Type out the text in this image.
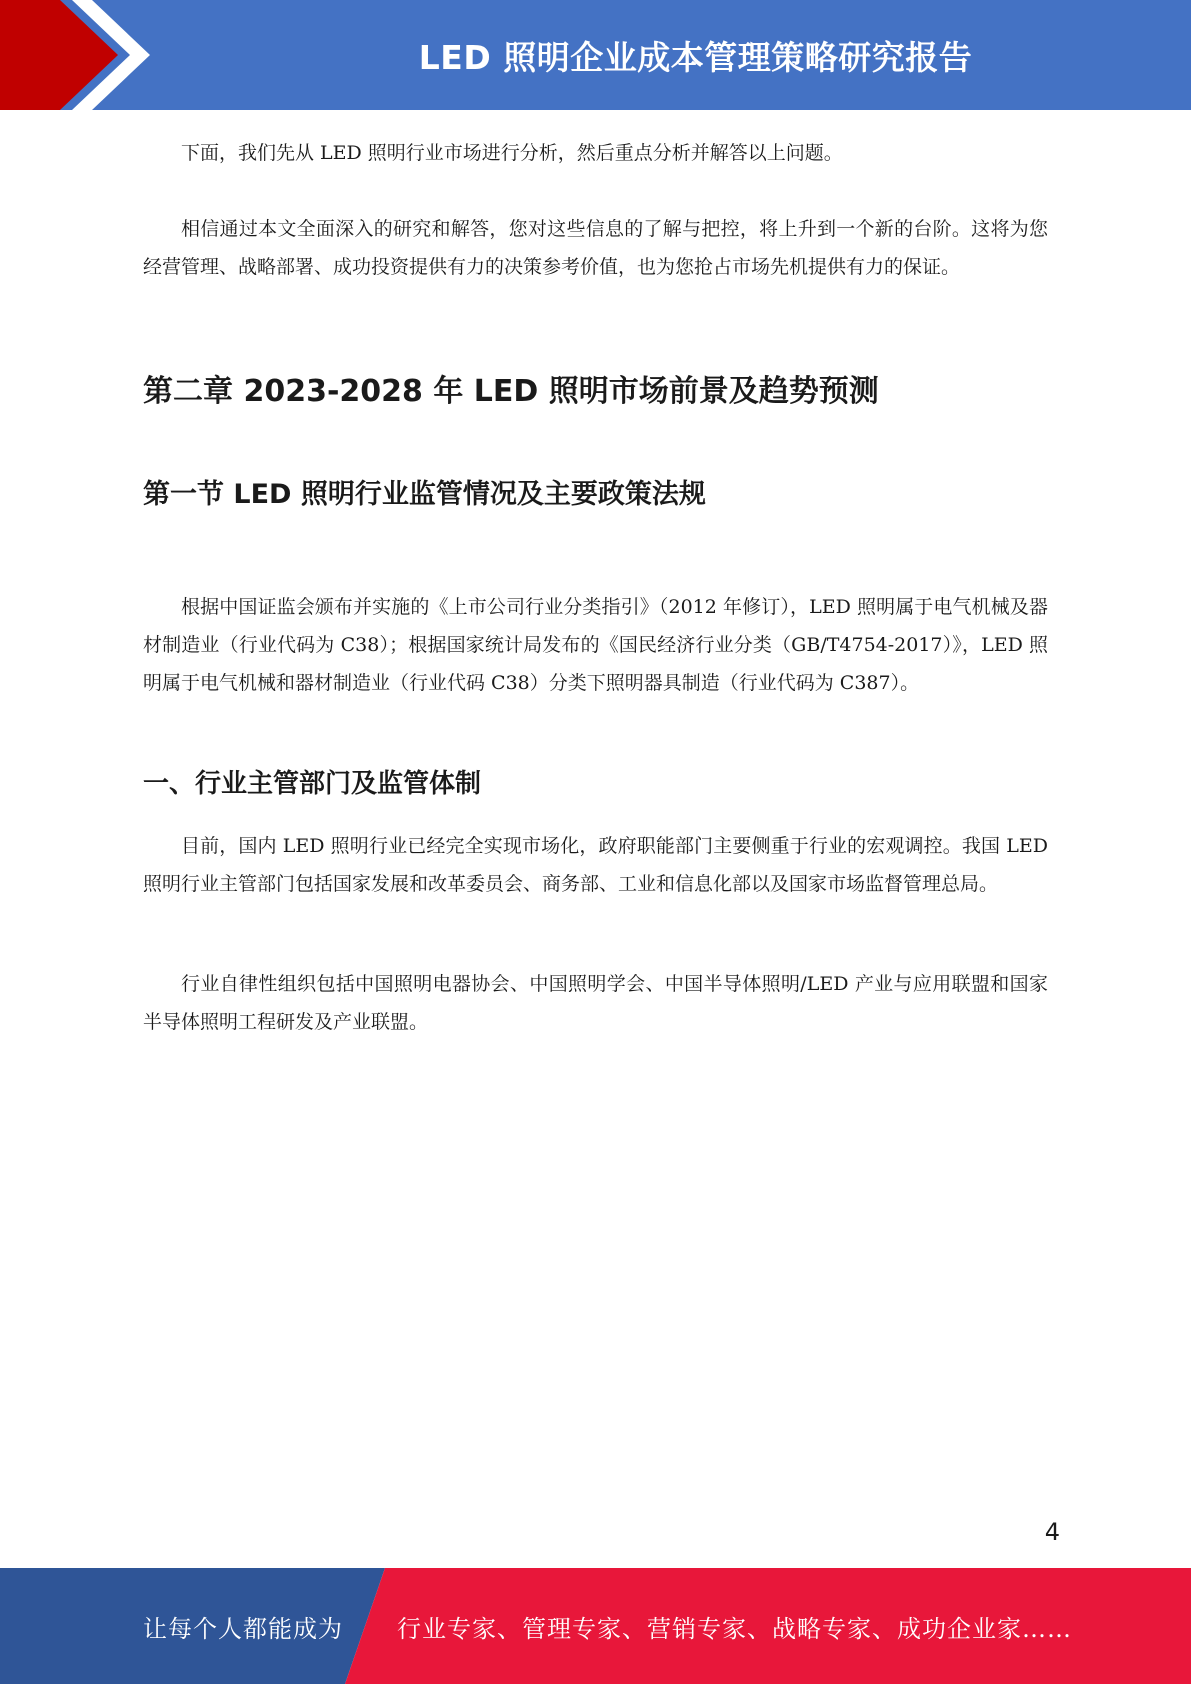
LED 照明企业成本管理策略研究报告

下面，我们先从 LED 照明行业市场进行分析，然后重点分析并解答以上问题。

相信通过本文全面深入的研究和解答，您对这些信息的了解与把控，将上升到一个新的台阶。这将为您经营管理、战略部署、成功投资提供有力的决策参考价值，也为您抢占市场先机提供有力的保证。

第二章 2023-2028 年 LED 照明市场前景及趋势预测
第一节 LED 照明行业监管情况及主要政策法规

根据中国证监会颁布并实施的《上市公司行业分类指引》（2012 年修订），LED 照明属于电气机械及器材制造业（行业代码为 C38）；根据国家统计局发布的《国民经济行业分类（GB/T4754-2017）》，LED 照明属于电气机械和器材制造业（行业代码 C38）分类下照明器具制造（行业代码为 C387）。

一、行业主管部门及监管体制

目前，国内 LED 照明行业已经完全实现市场化，政府职能部门主要侧重于行业的宏观调控。我国 LED 照明行业主管部门包括国家发展和改革委员会、商务部、工业和信息化部以及国家市场监督管理总局。

行业自律性组织包括中国照明电器协会、中国照明学会、中国半导体照明/LED 产业与应用联盟和国家半导体照明工程研发及产业联盟。

4
让每个人都能成为 行业专家、管理专家、营销专家、战略专家、成功企业家……
